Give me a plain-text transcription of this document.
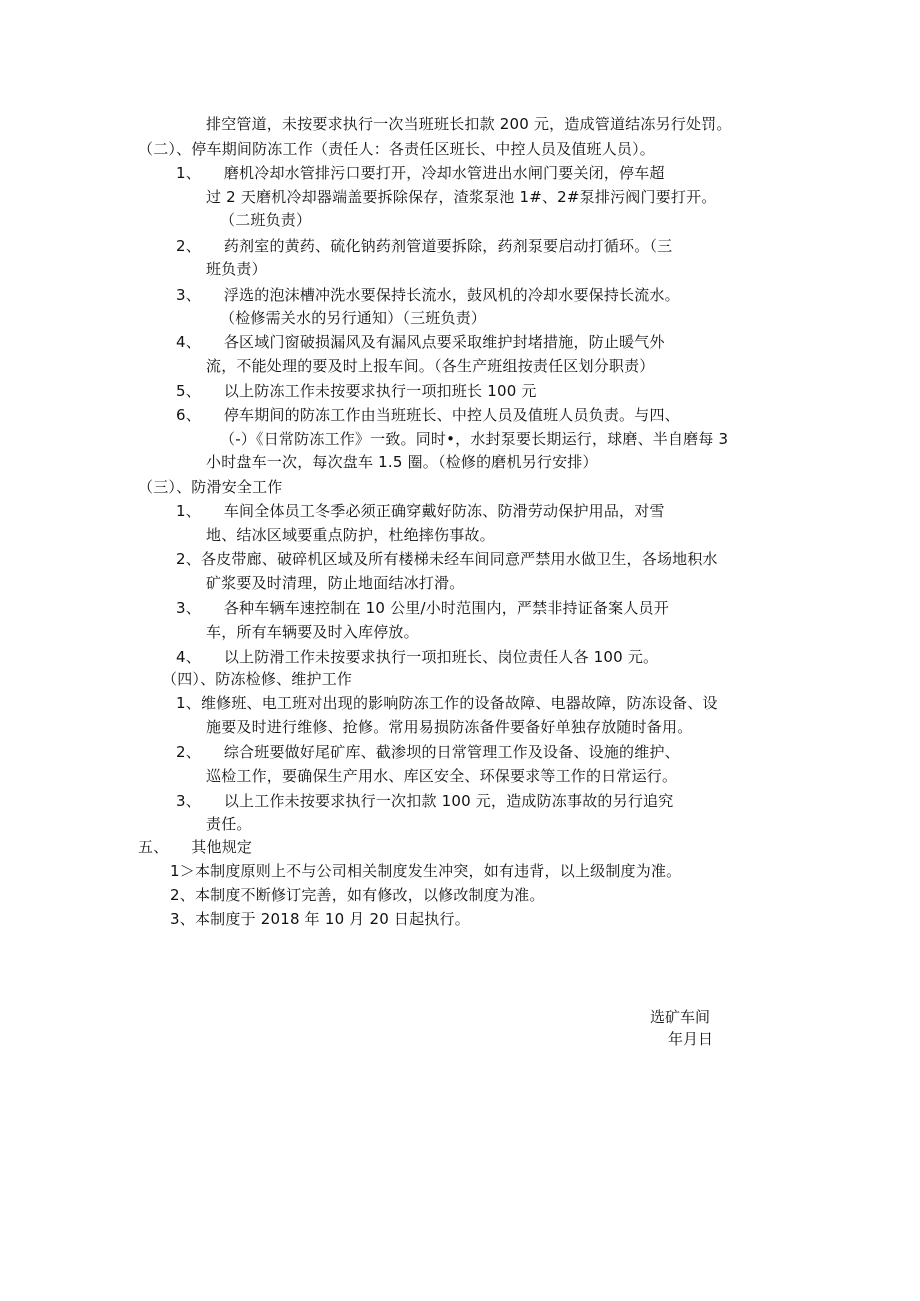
排空管道，未按要求执行一次当班班长扣款 200 元，造成管道结冻另行处罚。
（二）、停车期间防冻工作（责任人：各责任区班长、中控人员及值班人员）。
1、　　磨机冷却水管排污口要打开，冷却水管进出水闸门要关闭，停车超
过 2 天磨机冷却器端盖要拆除保存，渣浆泵池 1#、2#泵排污阀门要打开。
（二班负责）
2、　　药剂室的黄药、硫化钠药剂管道要拆除，药剂泵要启动打循环。（三
班负责）
3、　　浮选的泡沫槽冲洗水要保持长流水，鼓风机的冷却水要保持长流水。
（检修需关水的另行通知）（三班负责）
4、　　各区域门窗破损漏风及有漏风点要采取维护封堵措施，防止暖气外
流，不能处理的要及时上报车间。（各生产班组按责任区划分职责）
5、　　以上防冻工作未按要求执行一项扣班长 100 元
6、　　停车期间的防冻工作由当班班长、中控人员及值班人员负责。与四、
（-）《日常防冻工作》一致。同时•，水封泵要长期运行，球磨、半自磨每 3
小时盘车一次，每次盘车 1.5 圈。（检修的磨机另行安排）
（三）、防滑安全工作
1、　　车间全体员工冬季必须正确穿戴好防冻、防滑劳动保护用品，对雪
地、结冰区域要重点防护，杜绝摔伤事故。
2、各皮带廊、破碎机区域及所有楼梯未经车间同意严禁用水做卫生，各场地积水
矿浆要及时清理，防止地面结冰打滑。
3、　　各种车辆车速控制在 10 公里/小时范围内，严禁非持证备案人员开
车，所有车辆要及时入库停放。
4、　　以上防滑工作未按要求执行一项扣班长、岗位责任人各 100 元。
（四）、防冻检修、维护工作
1、维修班、电工班对出现的影响防冻工作的设备故障、电器故障，防冻设备、设
施要及时进行维修、抢修。常用易损防冻备件要备好单独存放随时备用。
2、　　综合班要做好尾矿库、截渗坝的日常管理工作及设备、设施的维护、
巡检工作，要确保生产用水、库区安全、环保要求等工作的日常运行。
3、　　以上工作未按要求执行一次扣款 100 元，造成防冻事故的另行追究
责任。
五、　　其他规定
1＞本制度原则上不与公司相关制度发生冲突，如有违背，以上级制度为准。
2、本制度不断修订完善，如有修改，以修改制度为准。
3、本制度于 2018 年 10 月 20 日起执行。
选矿车间
年月日
